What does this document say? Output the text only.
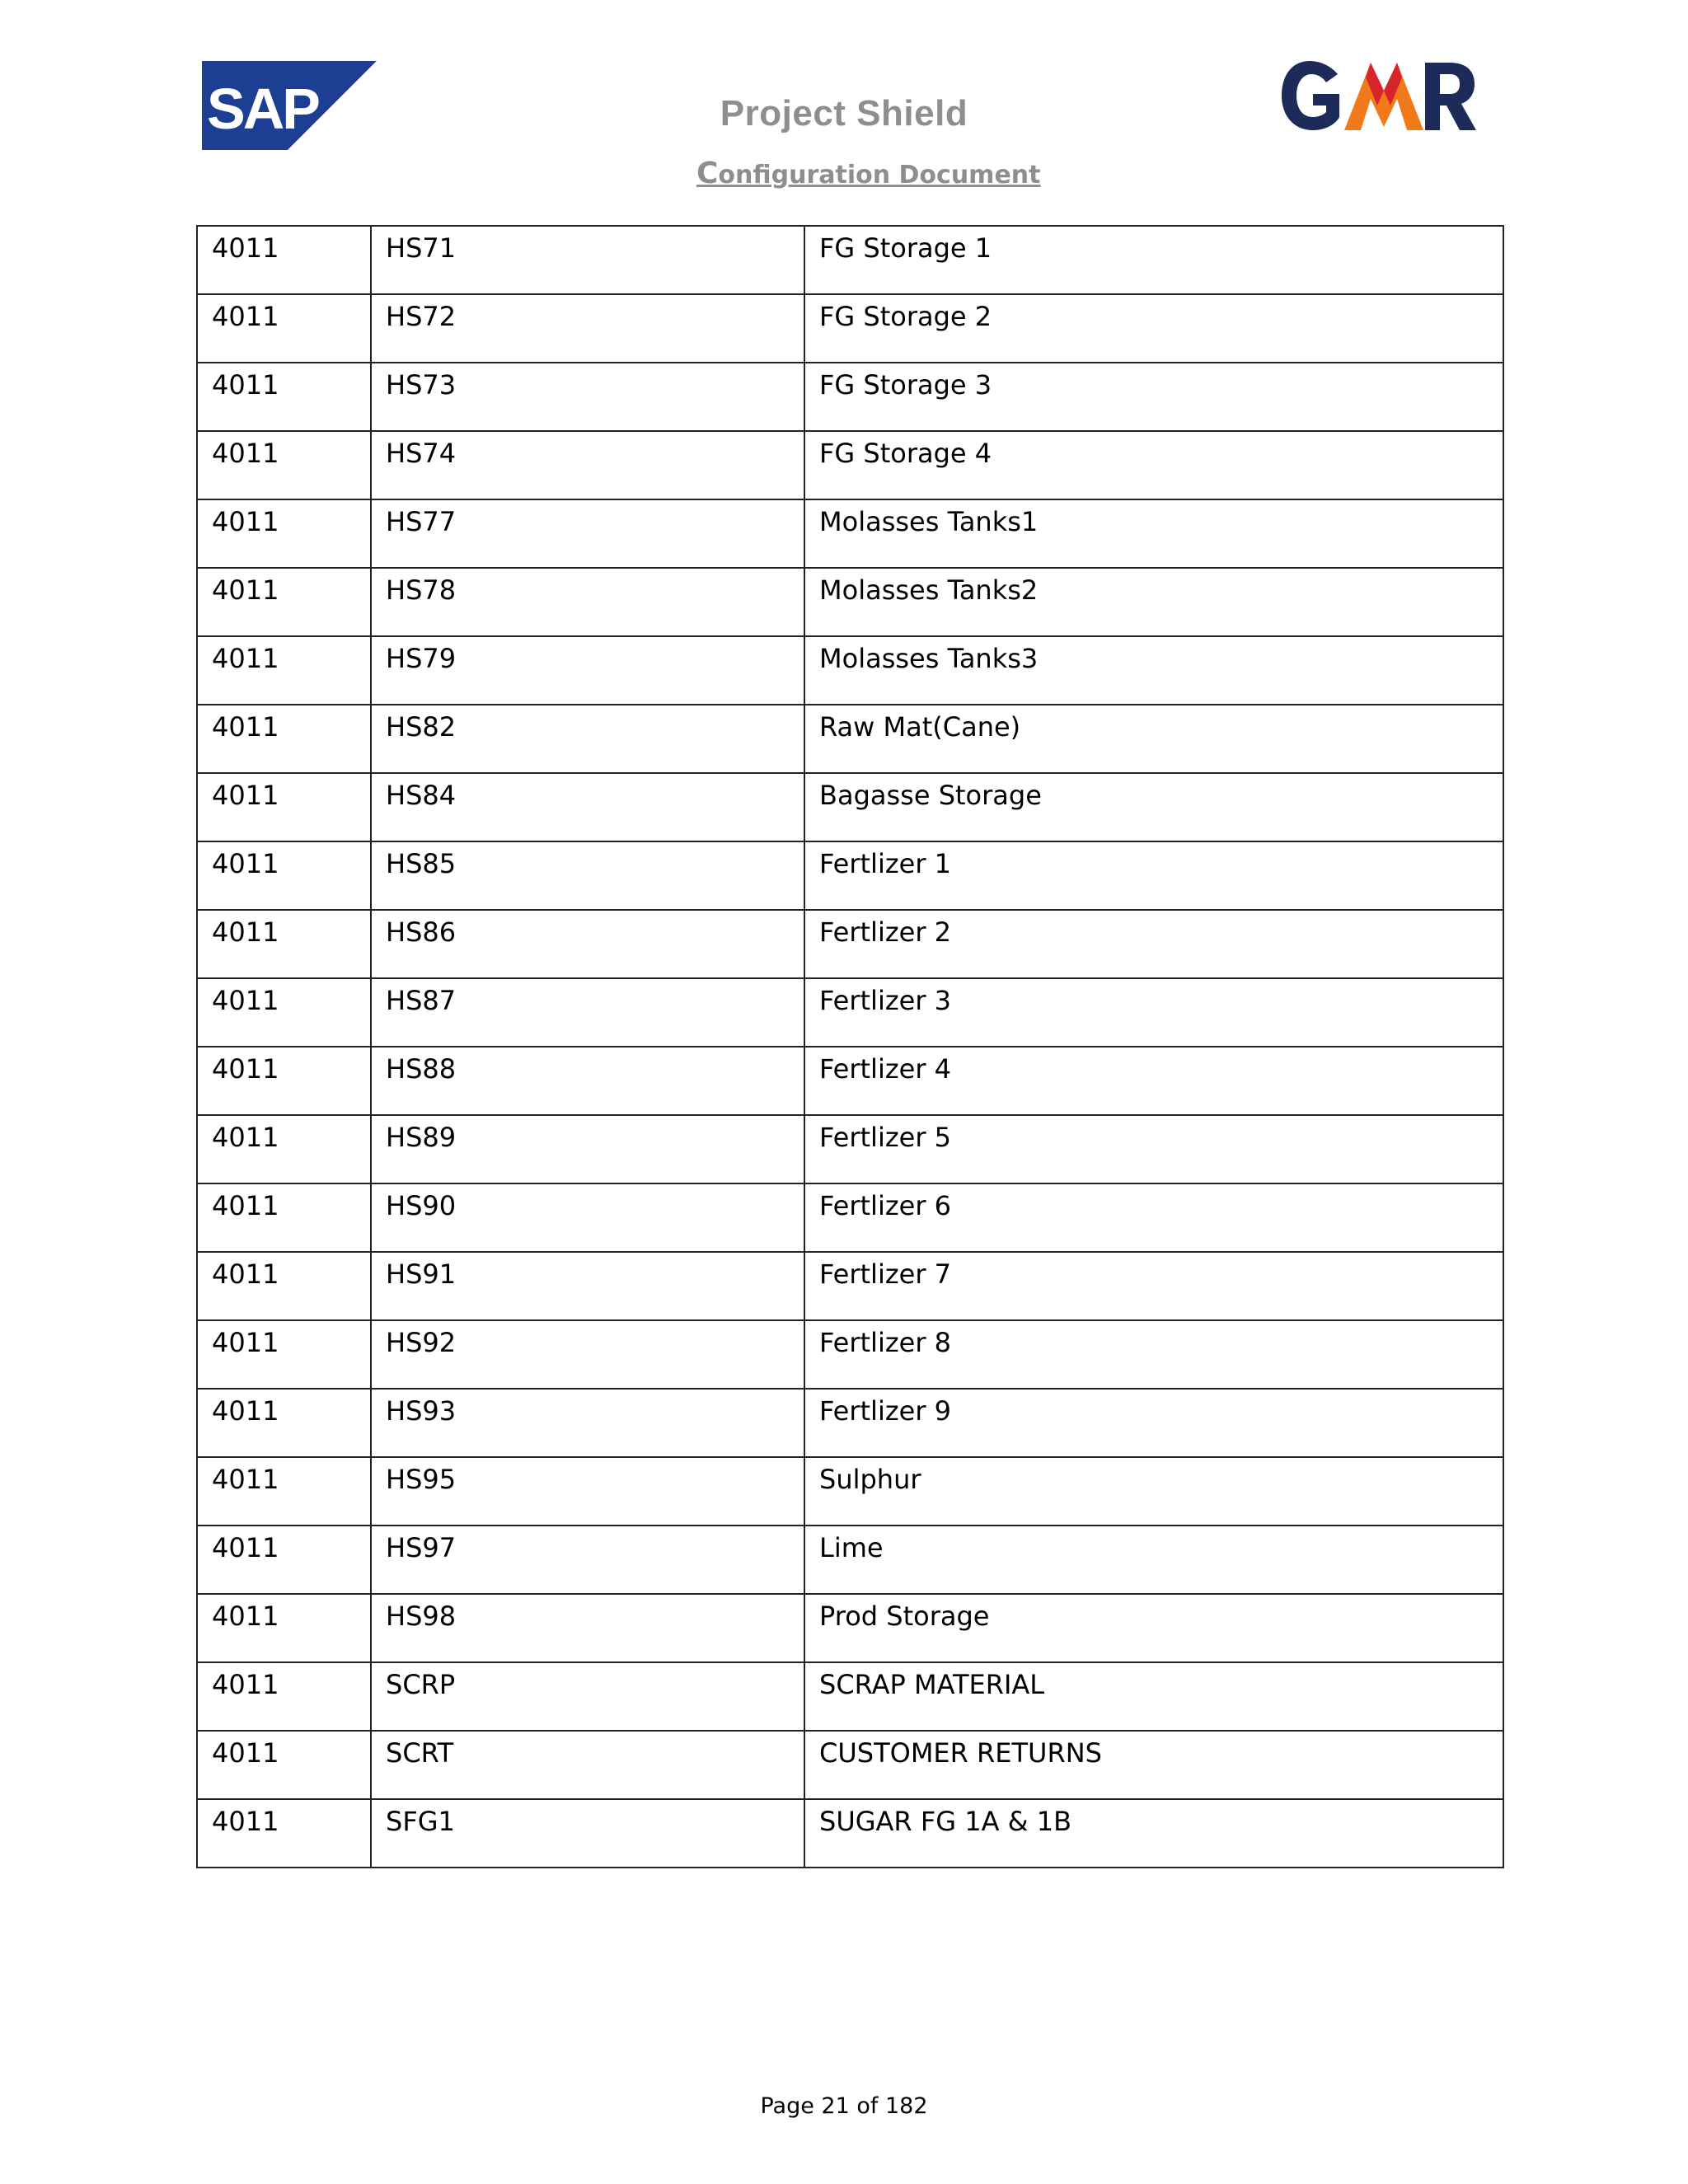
SAP	Project Shield
Configuration Document
4011	HS71	FG Storage 1
4011	HS72	FG Storage 2
4011	HS73	FG Storage 3
4011	HS74	FG Storage 4
4011	HS77	Molasses Tanks1
4011	HS78	Molasses Tanks2
4011	HS79	Molasses Tanks3
4011	HS82	Raw Mat(Cane)
4011	HS84	Bagasse Storage
4011	HS85	Fertlizer 1
4011	HS86	Fertlizer 2
4011	HS87	Fertlizer 3
4011	HS88	Fertlizer 4
4011	HS89	Fertlizer 5
4011	HS90	Fertlizer 6
4011	HS91	Fertlizer 7
4011	HS92	Fertlizer 8
4011	HS93	Fertlizer 9
4011	HS95	Sulphur
4011	HS97	Lime
4011	HS98	Prod Storage
4011	SCRP	SCRAP MATERIAL
4011	SCRT	CUSTOMER RETURNS
4011	SFG1	SUGAR FG 1A & 1B
Page 21 of 182
